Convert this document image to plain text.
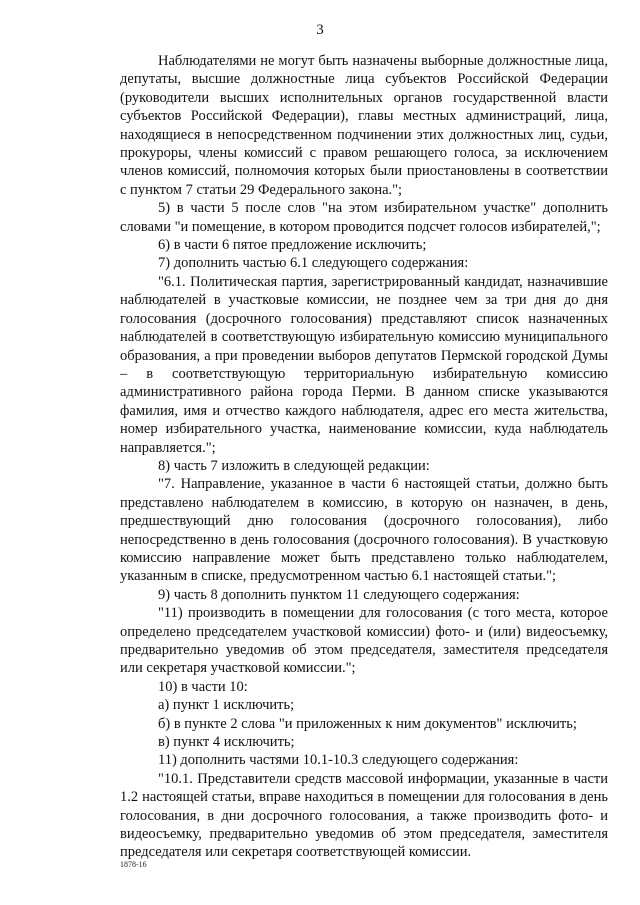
3

Наблюдателями не могут быть назначены выборные должностные лица, депутаты, высшие должностные лица субъектов Российской Федерации (руководители высших исполнительных органов государственной власти субъектов Российской Федерации), главы местных администраций, лица, находящиеся в непосредственном подчинении этих должностных лиц, судьи, прокуроры, члены комиссий с правом решающего голоса, за исключением членов комиссий, полномочия которых были приостановлены в соответствии с пунктом 7 статьи 29 Федерального закона.";

5) в части 5 после слов "на этом избирательном участке" дополнить словами "и помещение, в котором проводится подсчет голосов избирателей,";

6) в части 6 пятое предложение исключить;

7) дополнить частью 6.1 следующего содержания:

"6.1. Политическая партия, зарегистрированный кандидат, назначившие наблюдателей в участковые комиссии, не позднее чем за три дня до дня голосования (досрочного голосования) представляют список назначенных наблюдателей в соответствующую избирательную комиссию муниципального образования, а при проведении выборов депутатов Пермской городской Думы – в соответствующую территориальную избирательную комиссию административного района города Перми. В данном списке указываются фамилия, имя и отчество каждого наблюдателя, адрес его места жительства, номер избирательного участка, наименование комиссии, куда наблюдатель направляется.";

8) часть 7 изложить в следующей редакции:

"7. Направление, указанное в части 6 настоящей статьи, должно быть представлено наблюдателем в комиссию, в которую он назначен, в день, предшествующий дню голосования (досрочного голосования), либо непосредственно в день голосования (досрочного голосования). В участковую комиссию направление может быть представлено только наблюдателем, указанным в списке, предусмотренном частью 6.1 настоящей статьи.";

9) часть 8 дополнить пунктом 11 следующего содержания:

"11) производить в помещении для голосования (с того места, которое определено председателем участковой комиссии) фото- и (или) видеосъемку, предварительно уведомив об этом председателя, заместителя председателя или секретаря участковой комиссии.";

10) в части 10:

а) пункт 1 исключить;

б) в пункте 2 слова "и приложенных к ним документов" исключить;

в) пункт 4 исключить;

11) дополнить частями 10.1-10.3 следующего содержания:

"10.1. Представители средств массовой информации, указанные в части 1.2 настоящей статьи, вправе находиться в помещении для голосования в день голосования, в дни досрочного голосования, а также производить фото- и видеосъемку, предварительно уведомив об этом председателя, заместителя председателя или секретаря соответствующей комиссии.

1878-16
